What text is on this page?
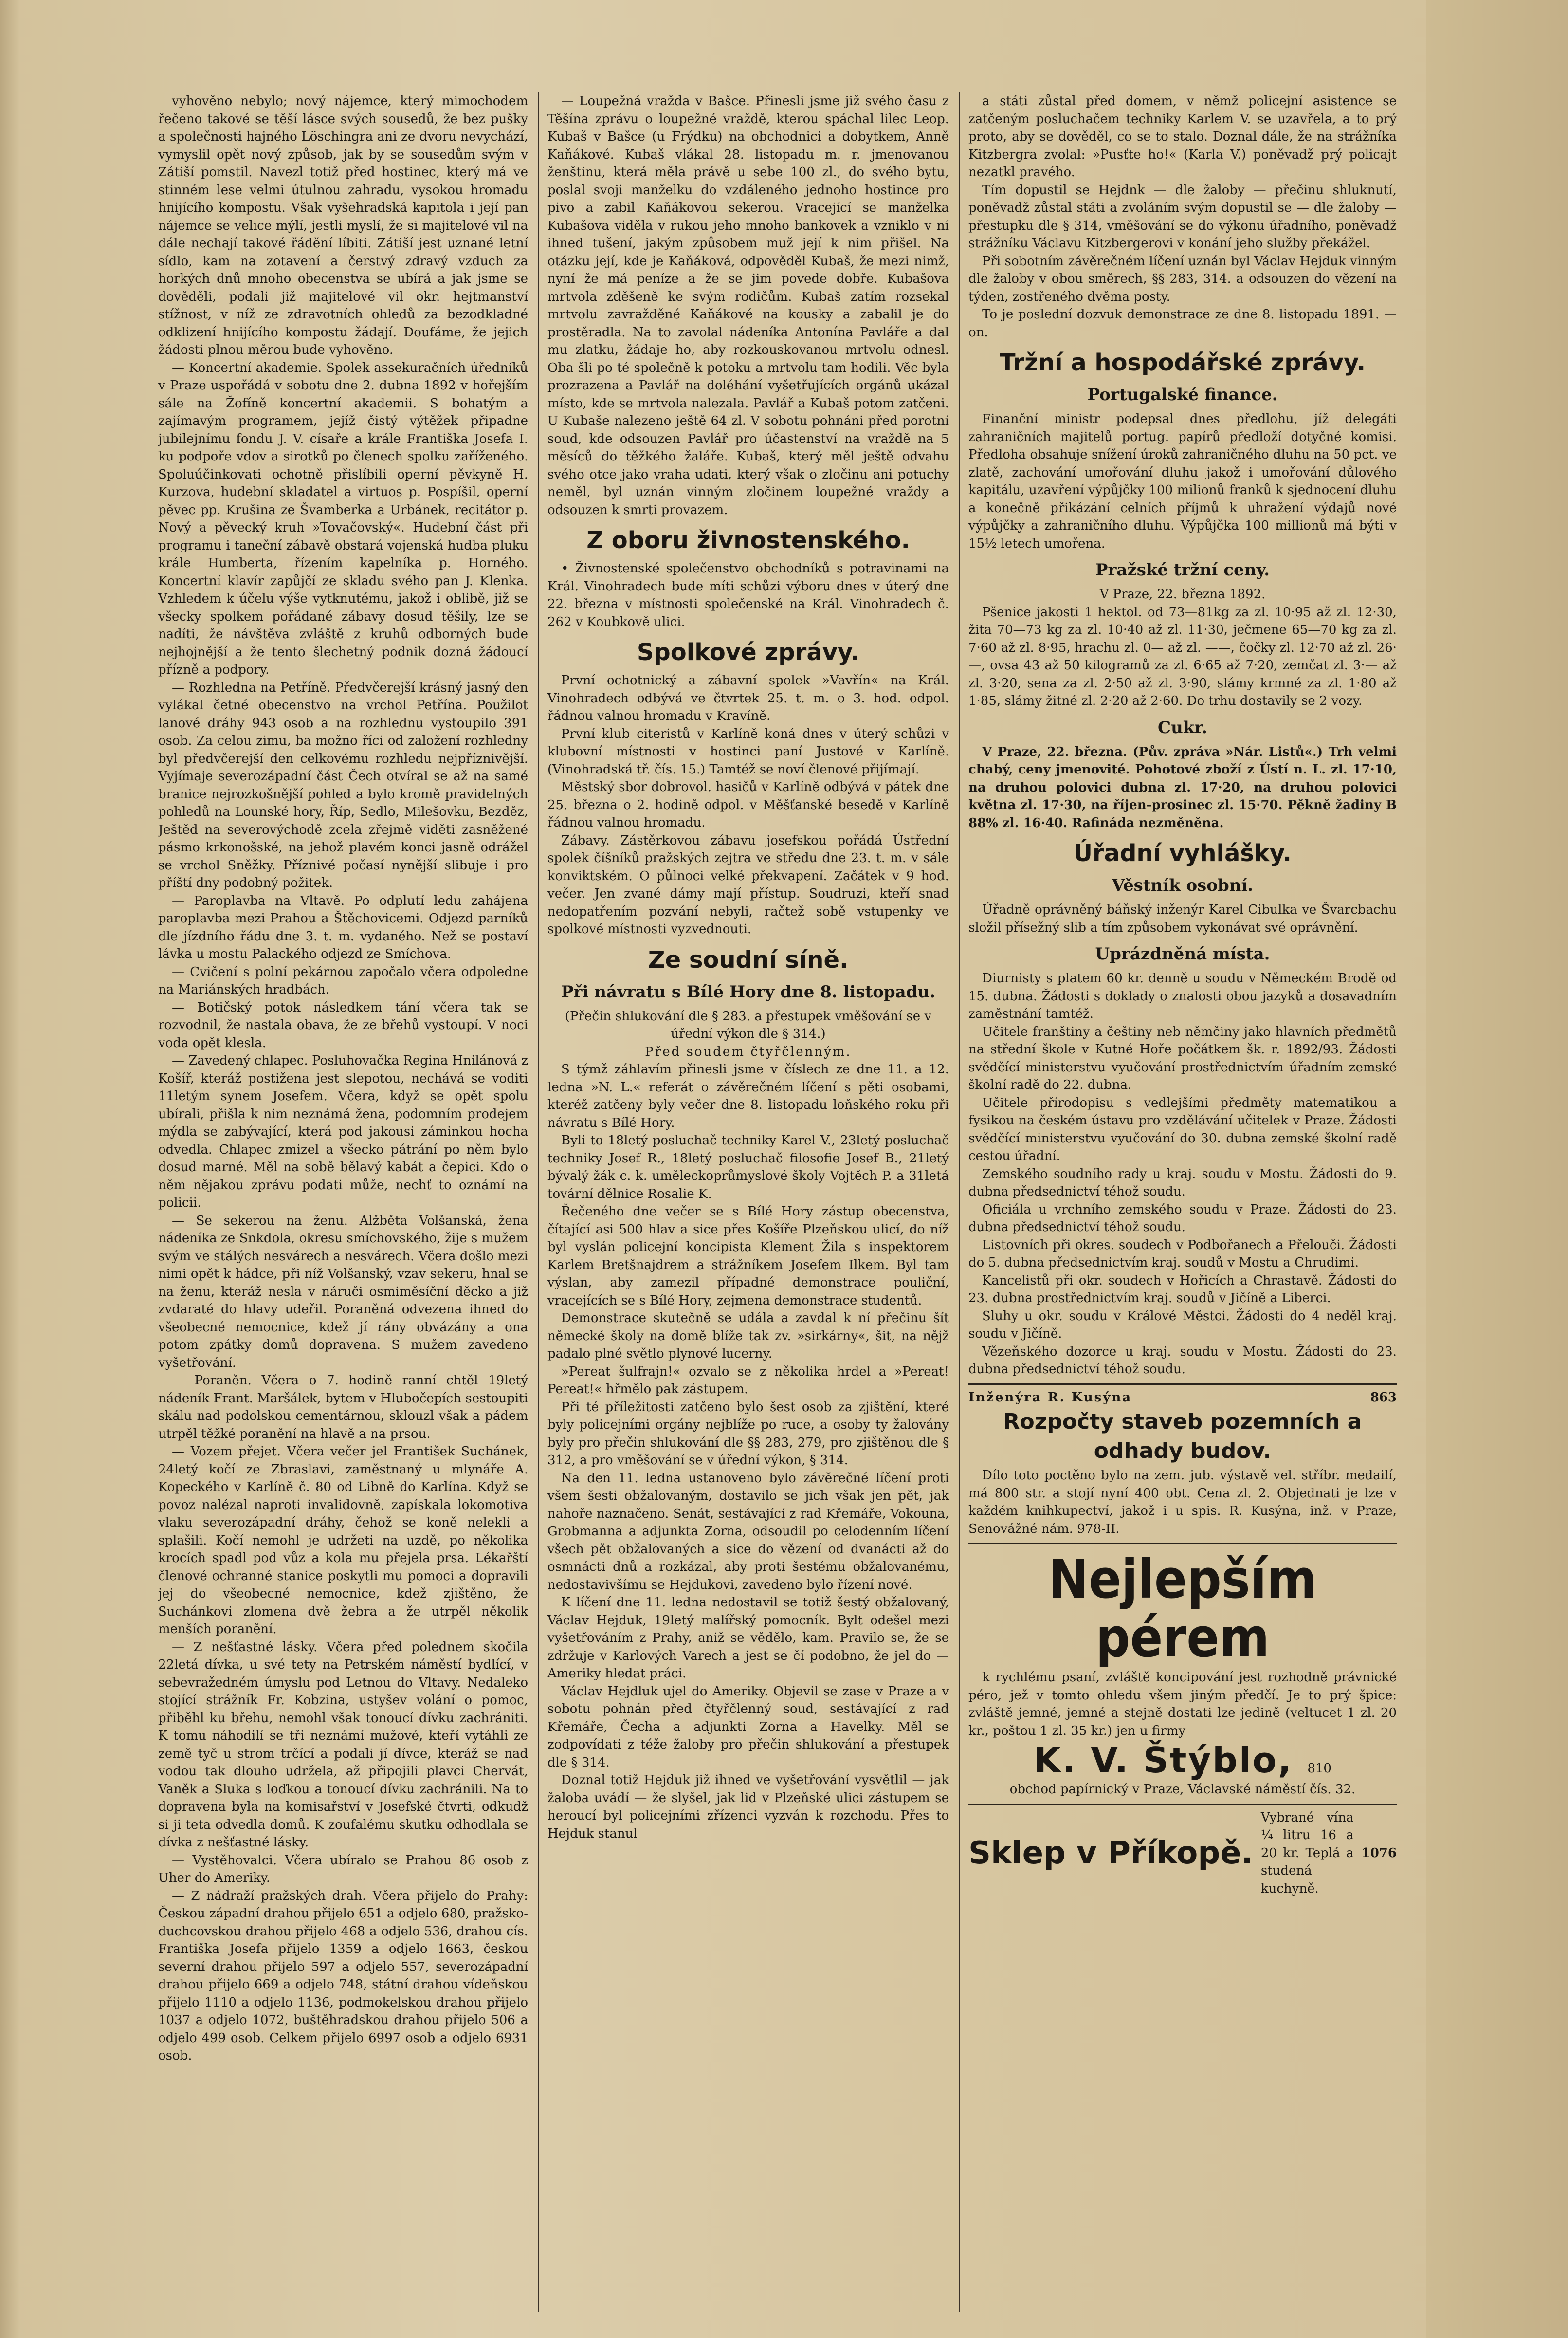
vyhověno nebylo; nový nájemce, který mimochodem řečeno takové se těší lásce svých sousedů, že bez pušky a společnosti hajného Löschingra ani ze dvoru nevychází, vymyslil opět nový způsob, jak by se sousedům svým v Zátiší pomstil. Navezl totiž před hostinec, který má ve stinném lese velmi útulnou zahradu, vysokou hromadu hnijícího kompostu. Však vyšehradská kapitola i její pan nájemce se velice mýlí, jestli myslí, že si majitelové vil na dále nechají takové řádění líbiti. Zátiší jest uznané letní sídlo, kam na zotavení a čerstvý zdravý vzduch za horkých dnů mnoho obecenstva se ubírá a jak jsme se dověděli, podali již majitelové vil okr. hejtmanství stížnost, v níž ze zdravotních ohledů za bezodkladné odklizení hnijícího kompostu žádají. Doufáme, že jejich žádosti plnou měrou bude vyhověno.

— Koncertní akademie. Spolek assekuračních úředníků v Praze uspořádá v sobotu dne 2. dubna 1892 v hořejším sále na Žofíně koncertní akademii. S bohatým a zajímavým programem, jejíž čistý výtěžek připadne jubilejnímu fondu J. V. císaře a krále Františka Josefa I. ku podpoře vdov a sirotků po členech spolku zaříženého. Spoluúčinkovati ochotně přislíbili operní pěvkyně H. Kurzova, hudební skladatel a virtuos p. Pospíšil, operní pěvec pp. Krušina ze Švamberka a Urbánek, recitátor p. Nový a pěvecký kruh »Tovačovský«. Hudební část při programu i taneční zábavě obstará vojenská hudba pluku krále Humberta, řízením kapelníka p. Horného. Koncertní klavír zapůjčí ze skladu svého pan J. Klenka. Vzhledem k účelu výše vytknutému, jakož i oblibě, již se všecky spolkem pořádané zábavy dosud těšily, lze se nadíti, že návštěva zvláště z kruhů odborných bude nejhojnější a že tento šlechetný podnik dozná žádoucí přízně a podpory.

— Rozhledna na Petříně. Předvčerejší krásný jasný den vylákal četné obecenstvo na vrchol Petřína. Použilot lanové dráhy 943 osob a na rozhlednu vystoupilo 391 osob. Za celou zimu, ba možno říci od založení rozhledny byl předvčerejší den celkovému rozhledu nejpříznivější. Vyjímaje severozápadní část Čech otvíral se až na samé branice nejrozkošnější pohled a bylo kromě pravidelných pohledů na Lounské hory, Říp, Sedlo, Milešovku, Bezděz, Ještěd na severovýchodě zcela zřejmě viděti zasněžené pásmo krkonošské, na jehož plavém konci jasně odrážel se vrchol Sněžky. Příznivé počasí nynější slibuje i pro příští dny podobný požitek.

— Paroplavba na Vltavě. Po odplutí ledu zahájena paroplavba mezi Prahou a Štěchovicemi. Odjezd parníků dle jízdního řádu dne 3. t. m. vydaného. Než se postaví lávka u mostu Palackého odjezd ze Smíchova.

— Cvičení s polní pekárnou započalo včera odpoledne na Mariánských hradbách.

— Botičský potok následkem tání včera tak se rozvodnil, že nastala obava, že ze břehů vystoupí. V noci voda opět klesla.

— Zavedený chlapec. Posluhovačka Regina Hnilánová z Košíř, kteráž postižena jest slepotou, nechává se voditi 11letým synem Josefem. Včera, když se opět spolu ubírali, přišla k nim neznámá žena, podomním prodejem mýdla se zabývající, která pod jakousi záminkou hocha odvedla. Chlapec zmizel a všecko pátrání po něm bylo dosud marné. Měl na sobě bělavý kabát a čepici. Kdo o něm nějakou zprávu podati může, nechť to oznámí na policii.

— Se sekerou na ženu. Alžběta Volšanská, žena nádeníka ze Snkdola, okresu smíchovského, žije s mužem svým ve stálých nesvárech a nesvárech. Včera došlo mezi nimi opět k hádce, při níž Volšanský, vzav sekeru, hnal se na ženu, kteráž nesla v náruči osmiměsíční děcko a již zvdaraté do hlavy udeřil. Poraněná odvezena ihned do všeobecné nemocnice, kdež jí rány obvázány a ona potom zpátky domů dopravena. S mužem zavedeno vyšetřování.

— Poraněn. Včera o 7. hodině ranní chtěl 19letý nádeník Frant. Maršálek, bytem v Hlubočepích sestoupiti skálu nad podolskou cementárnou, sklouzl však a pádem utrpěl těžké poranění na hlavě a na prsou.

— Vozem přejet. Včera večer jel František Suchánek, 24letý kočí ze Zbraslavi, zaměstnaný u mlynáře A. Kopeckého v Karlíně č. 80 od Libně do Karlína. Když se povoz nalézal naproti invalidovně, zapískala lokomotiva vlaku severozápadní dráhy, čehož se koně nelekli a splašili. Kočí nemohl je udržeti na uzdě, po několika krocích spadl pod vůz a kola mu přejela prsa. Lékařští členové ochranné stanice poskytli mu pomoci a dopravili jej do všeobecné nemocnice, kdež zjištěno, že Suchánkovi zlomena dvě žebra a že utrpěl několik menších poranění.

— Z nešťastné lásky. Včera před polednem skočila 22letá dívka, u své tety na Petrském náměstí bydlící, v sebevražedném úmyslu pod Letnou do Vltavy. Nedaleko stojící strážník Fr. Kobzina, ustyšev volání o pomoc, přiběhl ku břehu, nemohl však tonoucí dívku zachrániti. K tomu náhodilí se tři neznámí mužové, kteří vytáhli ze země tyč u strom trčící a podali jí dívce, kteráž se nad vodou tak dlouho udržela, až připojili plavci Chervát, Vaněk a Sluka s loďkou a tonoucí dívku zachránili. Na to dopravena byla na komisařství v Josefské čtvrti, odkudž si ji teta odvedla domů. K zoufalému skutku odhodlala se dívka z nešťastné lásky.

— Vystěhovalci. Včera ubíralo se Prahou 86 osob z Uher do Ameriky.

— Z nádraží pražských drah. Včera přijelo do Prahy: Českou západní drahou přijelo 651 a odjelo 680, pražsko-duchcovskou drahou přijelo 468 a odjelo 536, drahou cís. Františka Josefa přijelo 1359 a odjelo 1663, českou severní drahou přijelo 597 a odjelo 557, severozápadní drahou přijelo 669 a odjelo 748, státní drahou vídeňskou přijelo 1110 a odjelo 1136, podmokelskou drahou přijelo 1037 a odjelo 1072, buštěhradskou drahou přijelo 506 a odjelo 499 osob. Celkem přijelo 6997 osob a odjelo 6931 osob.

— Loupežná vražda v Bašce. Přinesli jsme již svého času z Těšína zprávu o loupežné vraždě, kterou spáchal lilec Leop. Kubaš v Bašce (u Frýdku) na obchodnici a dobytkem, Anně Kaňákové. Kubaš vlákal 28. listopadu m. r. jmenovanou ženštinu, která měla právě u sebe 100 zl., do svého bytu, poslal svoji manželku do vzdáleného jednoho hostince pro pivo a zabil Kaňákovou sekerou. Vracející se manželka Kubašova viděla v rukou jeho mnoho bankovek a vzniklo v ní ihned tušení, jakým způsobem muž její k nim přišel. Na otázku její, kde je Kaňáková, odpověděl Kubaš, že mezi nimž, nyní že má peníze a že se jim povede dobře. Kubašova mrtvola zděšeně ke svým rodičům. Kubaš zatím rozsekal mrtvolu zavražděné Kaňákové na kousky a zabalil je do prostěradla. Na to zavolal nádeníka Antonína Pavláře a dal mu zlatku, žádaje ho, aby rozkouskovanou mrtvolu odnesl. Oba šli po té společně k potoku a mrtvolu tam hodili. Věc byla prozrazena a Pavlář na doléhání vyšetřujících orgánů ukázal místo, kde se mrtvola nalezala. Pavlář a Kubaš potom zatčeni. U Kubaše nalezeno ještě 64 zl. V sobotu pohnáni před porotní soud, kde odsouzen Pavlář pro účastenství na vraždě na 5 měsíců do těžkého žaláře. Kubaš, který měl ještě odvahu svého otce jako vraha udati, který však o zločinu ani potuchy neměl, byl uznán vinným zločinem loupežné vraždy a odsouzen k smrti provazem.

Z oboru živnostenského.

• Živnostenské společenstvo obchodníků s potravinami na Král. Vinohradech bude míti schůzi výboru dnes v úterý dne 22. března v místnosti společenské na Král. Vinohradech č. 262 v Koubkově ulici.

Spolkové zprávy.

První ochotnický a zábavní spolek »Vavřín« na Král. Vinohradech odbývá ve čtvrtek 25. t. m. o 3. hod. odpol. řádnou valnou hromadu v Kravíně.

První klub citeristů v Karlíně koná dnes v úterý schůzi v klubovní místnosti v hostinci paní Justové v Karlíně. (Vinohradská tř. čís. 15.) Tamtéž se noví členové přijímají.

Městský sbor dobrovol. hasičů v Karlíně odbývá v pátek dne 25. března o 2. hodině odpol. v Měšťanské besedě v Karlíně řádnou valnou hromadu.

Zábavy. Zástěrkovou zábavu josefskou pořádá Ústřední spolek číšníků pražských zejtra ve středu dne 23. t. m. v sále konviktském. O půlnoci velké překvapení. Začátek v 9 hod. večer. Jen zvané dámy mají přístup. Soudruzi, kteří snad nedopatřením pozvání nebyli, račtež sobě vstupenky ve spolkové místnosti vyzvednouti.

Ze soudní síně.
Při návratu s Bílé Hory dne 8. listopadu.

(Přečin shlukování dle § 283. a přestupek vměšování se v úřední výkon dle § 314.)

Před soudem čtyřčlenným.

S týmž záhlavím přinesli jsme v číslech ze dne 11. a 12. ledna »N. L.« referát o závěrečném líčení s pěti osobami, kteréž zatčeny byly večer dne 8. listopadu loňského roku při návratu s Bílé Hory.

Byli to 18letý posluchač techniky Karel V., 23letý posluchač techniky Josef R., 18letý posluchač filosofie Josef B., 21letý bývalý žák c. k. uměleckoprůmyslové školy Vojtěch P. a 31letá tovární dělnice Rosalie K.

Řečeného dne večer se s Bílé Hory zástup obecenstva, čítající asi 500 hlav a sice přes Košíře Plzeňskou ulicí, do níž byl vyslán policejní koncipista Klement Žila s inspektorem Karlem Bretšnajdrem a strážníkem Josefem Ilkem. Byl tam výslan, aby zamezil případné demonstrace pouliční, vracejících se s Bílé Hory, zejmena demonstrace studentů.

Demonstrace skutečně se udála a zavdal k ní přečinu šít německé školy na domě blíže tak zv. »sirkárny«, šit, na nějž padalo plné světlo plynové lucerny.

»Pereat šulfrajn!« ozvalo se z několika hrdel a »Pereat! Pereat!« hřmělo pak zástupem.

Při té příležitosti zatčeno bylo šest osob za zjištění, které byly policejními orgány nejblíže po ruce, a osoby ty žalovány byly pro přečin shlukování dle §§ 283, 279, pro zjištěnou dle § 312, a pro vměšování se v úřední výkon, § 314.

Na den 11. ledna ustanoveno bylo závěrečné líčení proti všem šesti obžalovaným, dostavilo se jich však jen pět, jak nahoře naznačeno. Senát, sestávající z rad Křemáře, Vokouna, Grobmanna a adjunkta Zorna, odsoudil po celodenním líčení všech pět obžalovaných a sice do vězení od dvanácti až do osmnácti dnů a rozkázal, aby proti šestému obžalovanému, nedostavivšímu se Hejdukovi, zavedeno bylo řízení nové.

K líčení dne 11. ledna nedostavil se totiž šestý obžalovaný, Václav Hejduk, 19letý malířský pomocník. Bylt odešel mezi vyšetřováním z Prahy, aniž se vědělo, kam. Pravilo se, že se zdržuje v Karlových Varech a jest se čí podobno, že jel do — Ameriky hledat práci.

Václav Hejdluk ujel do Ameriky. Objevil se zase v Praze a v sobotu pohnán před čtyřčlenný soud, sestávající z rad Křemáře, Čecha a adjunkti Zorna a Havelky. Měl se zodpovídati z téže žaloby pro přečin shlukování a přestupek dle § 314.

Doznal totiž Hejduk již ihned ve vyšetřování vysvětlil — jak žaloba uvádí — že slyšel, jak lid v Plzeňské ulici zástupem se heroucí byl policejními zřízenci vyzván k rozchodu. Přes to Hejduk stanul

a státi zůstal před domem, v němž policejní asistence se zatčeným posluchačem techniky Karlem V. se uzavřela, a to prý proto, aby se dověděl, co se to stalo. Doznal dále, že na strážníka Kitzbergra zvolal: »Pusťte ho!« (Karla V.) poněvadž prý policajt nezatkl pravého.

Tím dopustil se Hejdnk — dle žaloby — přečinu shluknutí, poněvadž zůstal státi a zvoláním svým dopustil se — dle žaloby — přestupku dle § 314, vměšování se do výkonu úřadního, poněvadž strážníku Václavu Kitzbergerovi v konání jeho služby překážel.

Při sobotním závěrečném líčení uznán byl Václav Hejduk vinným dle žaloby v obou směrech, §§ 283, 314. a odsouzen do vězení na týden, zostřeného dvěma posty.

To je poslední dozvuk demonstrace ze dne 8. listopadu 1891. —on.

Tržní a hospodářské zprávy.
Portugalské finance.

Finanční ministr podepsal dnes předlohu, jíž delegáti zahraničních majitelů portug. papírů předloží dotyčné komisi. Předloha obsahuje snížení úroků zahraničného dluhu na 50 pct. ve zlatě, zachování umořování dluhu jakož i umořování důlového kapitálu, uzavření výpůjčky 100 milionů franků k sjednocení dluhu a konečně přikázání celních příjmů k uhražení výdajů nové výpůjčky a zahraničního dluhu. Výpůjčka 100 millionů má býti v 15½ letech umořena.

Pražské tržní ceny.

V Praze, 22. března 1892.

Pšenice jakosti 1 hektol. od 73—81kg za zl. 10·95 až zl. 12·30, žita 70—73 kg za zl. 10·40 až zl. 11·30, ječmene 65—70 kg za zl. 7·60 až zl. 8·95, hrachu zl. 0— až zl. ——, čočky zl. 12·70 až zl. 26·—, ovsa 43 až 50 kilogramů za zl. 6·65 až 7·20, zemčat zl. 3·— až zl. 3·20, sena za zl. 2·50 až zl. 3·90, slámy krmné za zl. 1·80 až 1·85, slámy žitné zl. 2·20 až 2·60. Do trhu dostavily se 2 vozy.

Cukr.

V Praze, 22. března. (Pův. zpráva »Nár. Listů«.) Trh velmi chabý, ceny jmenovité. Pohotové zboží z Ústí n. L. zl. 17·10, na druhou polovici dubna zl. 17·20, na druhou polovici května zl. 17·30, na říjen-prosinec zl. 15·70. Pěkně žadiny B 88% zl. 16·40. Rafináda nezměněna.

Úřadní vyhlášky.
Věstník osobní.

Úřadně oprávněný báňský inženýr Karel Cibulka ve Švarcbachu složil přísežný slib a tím způsobem vykonávat své oprávnění.

Uprázdněná místa.

Diurnisty s platem 60 kr. denně u soudu v Německém Brodě od 15. dubna. Žádosti s doklady o znalosti obou jazyků a dosavadním zaměstnání tamtéž.

Učitele franštiny a češtiny neb němčiny jako hlavních předmětů na střední škole v Kutné Hoře počátkem šk. r. 1892/93. Žádosti svědčící ministerstvu vyučování prostřednictvím úřadním zemské školní radě do 22. dubna.

Učitele přírodopisu s vedlejšími předměty matematikou a fysikou na českém ústavu pro vzdělávání učitelek v Praze. Žádosti svědčící ministerstvu vyučování do 30. dubna zemské školní radě cestou úřadní.

Zemského soudního rady u kraj. soudu v Mostu. Žádosti do 9. dubna předsednictví téhož soudu.

Oficiála u vrchního zemského soudu v Praze. Žádosti do 23. dubna předsednictví téhož soudu.

Listovních při okres. soudech v Podbořanech a Přelouči. Žádosti do 5. dubna předsednictvím kraj. soudů v Mostu a Chrudimi.

Kancelistů při okr. soudech v Hořicích a Chrastavě. Žádosti do 23. dubna prostřednictvím kraj. soudů v Jičíně a Liberci.

Sluhy u okr. soudu v Králové Městci. Žádosti do 4 neděl kraj. soudu v Jičíně.

Vězeňského dozorce u kraj. soudu v Mostu. Žádosti do 23. dubna předsednictví téhož soudu.

Inženýra R. Kusýna	863
Rozpočty staveb pozemních a odhady budov.

Dílo toto poctěno bylo na zem. jub. výstavě vel. stříbr. medailí, má 800 str. a stojí nyní 400 obt. Cena zl. 2. Objednati je lze v každém knihkupectví, jakož i u spis. R. Kusýna, inž. v Praze, Senovážné nám. 978-II.

Nejlepším pérem

k rychlému psaní, zvláště koncipování jest rozhodně právnické péro, jež v tomto ohledu všem jiným předčí. Je to prý špice: zvláště jemné, jemné a stejně dostati lze jedině (veltucet 1 zl. 20 kr., poštou 1 zl. 35 kr.) jen u firmy

K. V. Štýblo, 810

obchod papírnický v Praze, Václavské náměstí čís. 32.

Sklep v Příkopě.
Vybrané vína ¼ litru 16 a 20 kr. Teplá a studená kuchyně.
1076
